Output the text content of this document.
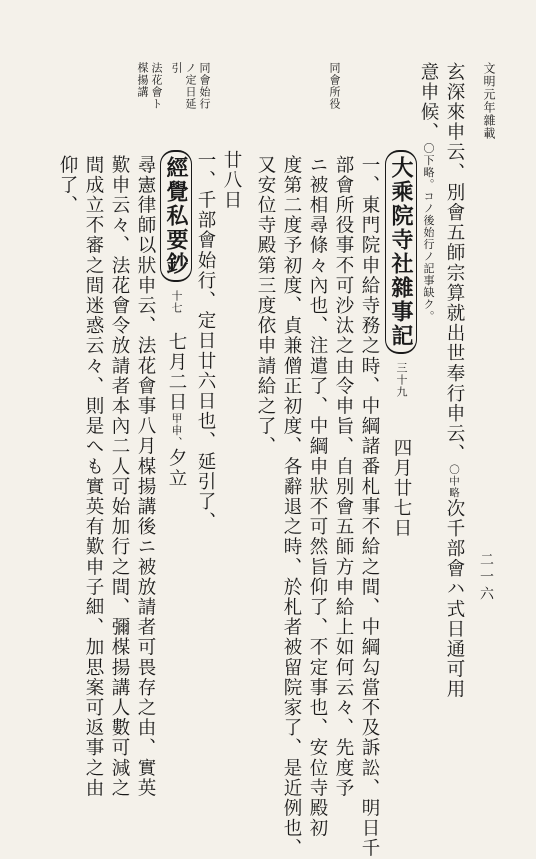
文明元年雜載
二一六
玄深來申云、別會五師宗算就出世奉行申云、〇中略次千部會ハ式日通可用
意申候、〇下略。コノ後始行ノ記事缺ク。
大乘院寺社雜事記三十九四月廿七日
一、東門院申給寺務之時、中綱諸番札事不給之間、中綱勾當不及訴訟、明日千
部會所役事不可沙汰之由令申旨、自別會五師方申給上如何云々、先度予
ニ被相尋條々內也、注遣了、中綱申狀不可然旨仰了、不定事也、安位寺殿初
度第二度予初度、貞兼僧正初度、各辭退之時、於札者被留院家了、是近例也、
又安位寺殿第三度依申請給之了、
廿八日
一、千部會始行、定日廿六日也、延引了、
經覺私要鈔十七七月二日甲申、夕立
尋憲律師以狀申云、法花會事八月楳揚講後ニ被放請者可畏存之由、實英
歎申云々、法花會令放請者本內二人可始加行之間、彌楳揚講人數可減之
間成立不審之間迷惑云々、則是へも實英有歎申子細、加思案可返事之由
仰了、
同會所役
同會始行
ノ定日延
引
法花會ト
楳揚講
